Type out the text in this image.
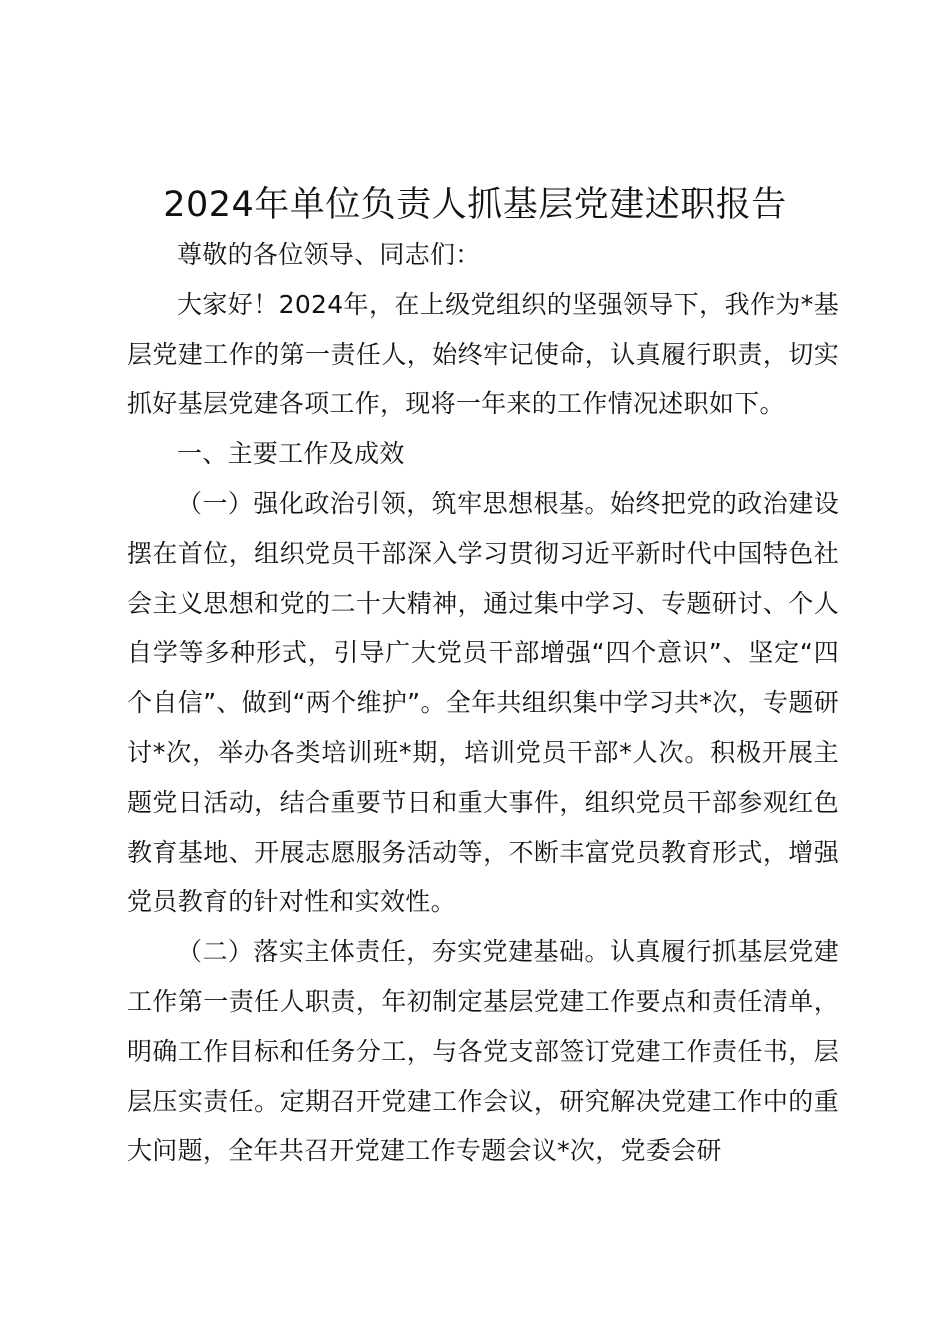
2024年单位负责人抓基层党建述职报告

尊敬的各位领导、同志们：

大家好！2024年，在上级党组织的坚强领导下，我作为*基层党建工作的第一责任人，始终牢记使命，认真履行职责，切实抓好基层党建各项工作，现将一年来的工作情况述职如下。

一、主要工作及成效

（一）强化政治引领，筑牢思想根基。始终把党的政治建设摆在首位，组织党员干部深入学习贯彻习近平新时代中国特色社会主义思想和党的二十大精神，通过集中学习、专题研讨、个人自学等多种形式，引导广大党员干部增强“四个意识”、坚定“四个自信”、做到“两个维护”。全年共组织集中学习共*次，专题研讨*次，举办各类培训班*期，培训党员干部*人次。积极开展主题党日活动，结合重要节日和重大事件，组织党员干部参观红色教育基地、开展志愿服务活动等，不断丰富党员教育形式，增强党员教育的针对性和实效性。

（二）落实主体责任，夯实党建基础。认真履行抓基层党建工作第一责任人职责，年初制定基层党建工作要点和责任清单，明确工作目标和任务分工，与各党支部签订党建工作责任书，层层压实责任。定期召开党建工作会议，研究解决党建工作中的重大问题，全年共召开党建工作专题会议*次，党委会研
